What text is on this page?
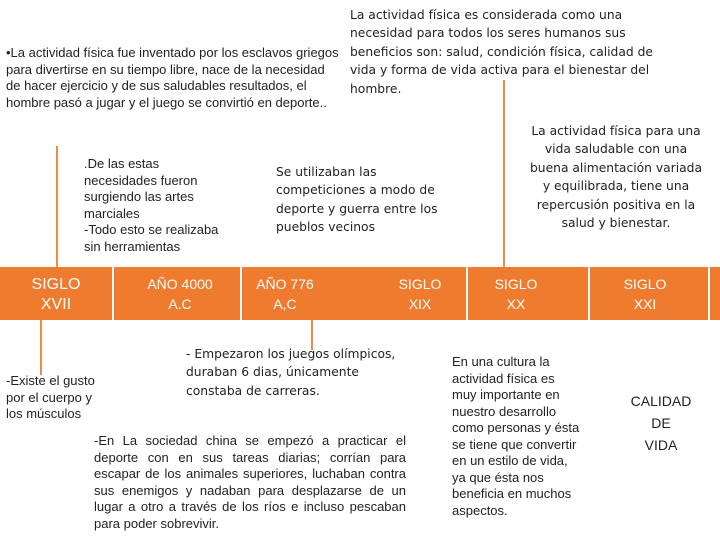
•La actividad física fue inventado por los esclavos griegos para divertirse en su tiempo libre, nace de la necesidad de hacer ejercicio y de sus saludables resultados, el hombre pasó a jugar y el juego se convirtió en deporte..
La actividad física es considerada como una necesidad para todos los seres humanos sus beneficios son: salud, condición física, calidad de vida y forma de vida activa para el bienestar del hombre.
.De las estas
necesidades fueron
surgiendo las artes
marciales
-Todo esto se realizaba
sin herramientas
Se utilizaban las
competiciones a modo de
deporte y guerra entre los
pueblos vecinos
La actividad física para una
vida saludable con una
buena alimentación variada
y equilibrada, tiene una
repercusión positiva en la
salud y bienestar.
SIGLO
XVII
AÑO 4000
A.C
AÑO 776
A,C
SIGLO
XIX
SIGLO
XX
SIGLO
XXI
-Existe el gusto
por el cuerpo y
los músculos
- Empezaron los juegos olímpicos,
duraban 6 dias, únicamente
constaba de carreras.
-En La sociedad china se empezó a practicar el deporte con en sus tareas diarias; corrían para escapar de los animales superiores, luchaban contra sus enemigos y nadaban para desplazarse de un lugar a otro a través de los ríos e incluso pescaban para poder sobrevivir.
En una cultura la
actividad física es
muy importante en
nuestro desarrollo
como personas y ésta
se tiene que convertir
en un estilo de vida,
ya que ésta nos
beneficia en muchos
aspectos.
CALIDAD
DE
VIDA
